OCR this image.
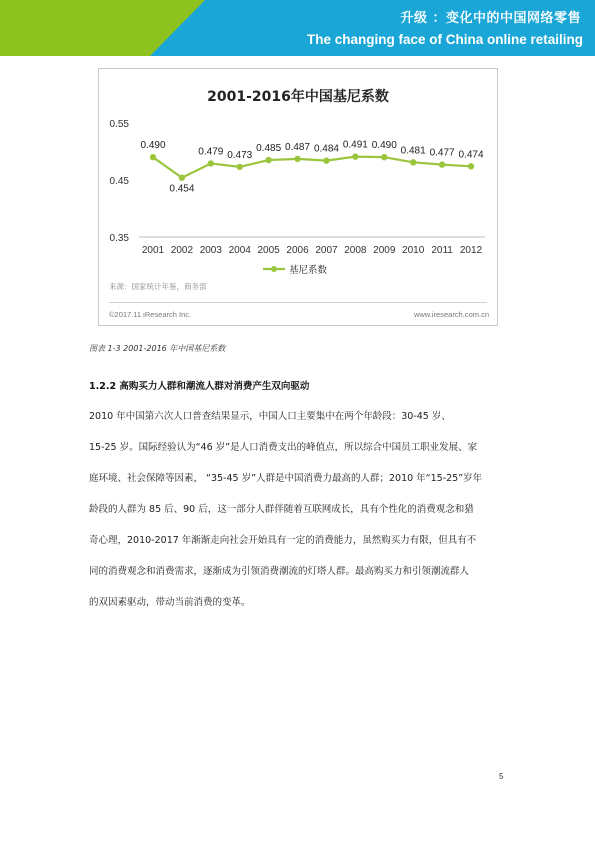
升级 ：变化中的中国网络零售
The changing face of China online retailing
2001-2016年中国基尼系数
0.55
0.45
0.35
2001 2002 2003 2004 2005 2006 2007 2008 2009 2010 2011 2012
0.490
0.454
0.479 0.473
0.485 0.487 0.484 0.491 0.490 0.481 0.477 0.474
基尼系数
来源：国家统计年鉴，商务部
©2017.11 iResearch Inc.	www.iresearch.com.cn
图表 1-3 2001-2016 年中国基尼系数
1.2.2 高购买力人群和潮流人群对消费产生双向驱动

2010 年中国第六次人口普查结果显示，中国人口主要集中在两个年龄段：30-45 岁、
15-25 岁。国际经验认为“46 岁”是人口消费支出的峰值点，所以综合中国员工职业发展、家
庭环境、社会保障等因素， “35-45 岁”人群是中国消费力最高的人群；2010 年“15-25”岁年
龄段的人群为 85 后、90 后，这一部分人群伴随着互联网成长，具有个性化的消费观念和猎
奇心理，2010-2017 年渐渐走向社会开始具有一定的消费能力，虽然购买力有限，但具有不
同的消费观念和消费需求，逐渐成为引领消费潮流的灯塔人群。最高购买力和引领潮流群人
的双因素驱动，带动当前消费的变革。

5
